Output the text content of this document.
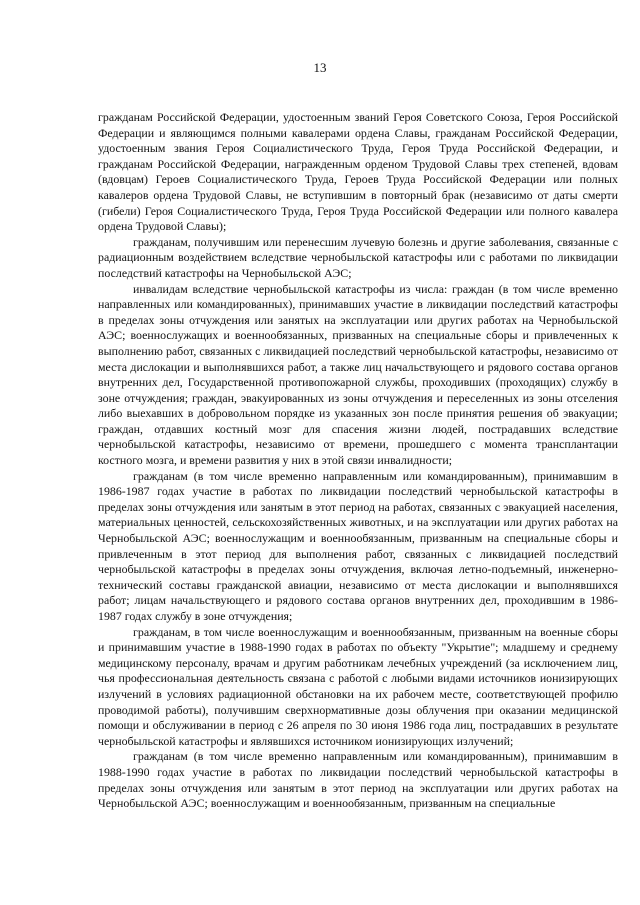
13

гражданам Российской Федерации, удостоенным званий Героя Советского Союза, Героя Российской Федерации и являющимся полными кавалерами ордена Славы, гражданам Российской Федерации, удостоенным звания Героя Социалистического Труда, Героя Труда Российской Федерации, и гражданам Российской Федерации, награжденным орденом Трудовой Славы трех степеней, вдовам (вдовцам) Героев Социалистического Труда, Героев Труда Российской Федерации или полных кавалеров ордена Трудовой Славы, не вступившим в повторный брак (независимо от даты смерти (гибели) Героя Социалистического Труда, Героя Труда Российской Федерации или полного кавалера ордена Трудовой Славы);

гражданам, получившим или перенесшим лучевую болезнь и другие заболевания, связанные с радиационным воздействием вследствие чернобыльской катастрофы или с работами по ликвидации последствий катастрофы на Чернобыльской АЭС;

инвалидам вследствие чернобыльской катастрофы из числа: граждан (в том числе временно направленных или командированных), принимавших участие в ликвидации последствий катастрофы в пределах зоны отчуждения или занятых на эксплуатации или других работах на Чернобыльской АЭС; военнослужащих и военнообязанных, призванных на специальные сборы и привлеченных к выполнению работ, связанных с ликвидацией последствий чернобыльской катастрофы, независимо от места дислокации и выполнявшихся работ, а также лиц начальствующего и рядового состава органов внутренних дел, Государственной противопожарной службы, проходивших (проходящих) службу в зоне отчуждения; граждан, эвакуированных из зоны отчуждения и переселенных из зоны отселения либо выехавших в добровольном порядке из указанных зон после принятия решения об эвакуации; граждан, отдавших костный мозг для спасения жизни людей, пострадавших вследствие чернобыльской катастрофы, независимо от времени, прошедшего с момента трансплантации костного мозга, и времени развития у них в этой связи инвалидности;

гражданам (в том числе временно направленным или командированным), принимавшим в 1986-1987 годах участие в работах по ликвидации последствий чернобыльской катастрофы в пределах зоны отчуждения или занятым в этот период на работах, связанных с эвакуацией населения, материальных ценностей, сельскохозяйственных животных, и на эксплуатации или других работах на Чернобыльской АЭС; военнослужащим и военнообязанным, призванным на специальные сборы и привлеченным в этот период для выполнения работ, связанных с ликвидацией последствий чернобыльской катастрофы в пределах зоны отчуждения, включая летно-подъемный, инженерно-технический составы гражданской авиации, независимо от места дислокации и выполнявшихся работ; лицам начальствующего и рядового состава органов внутренних дел, проходившим в 1986-1987 годах службу в зоне отчуждения;

гражданам, в том числе военнослужащим и военнообязанным, призванным на военные сборы и принимавшим участие в 1988-1990 годах в работах по объекту "Укрытие"; младшему и среднему медицинскому персоналу, врачам и другим работникам лечебных учреждений (за исключением лиц, чья профессиональная деятельность связана с работой с любыми видами источников ионизирующих излучений в условиях радиационной обстановки на их рабочем месте, соответствующей профилю проводимой работы), получившим сверхнормативные дозы облучения при оказании медицинской помощи и обслуживании в период с 26 апреля по 30 июня 1986 года лиц, пострадавших в результате чернобыльской катастрофы и являвшихся источником ионизирующих излучений;

гражданам (в том числе временно направленным или командированным), принимавшим в 1988-1990 годах участие в работах по ликвидации последствий чернобыльской катастрофы в пределах зоны отчуждения или занятым в этот период на эксплуатации или других работах на Чернобыльской АЭС; военнослужащим и военнообязанным, призванным на специальные
